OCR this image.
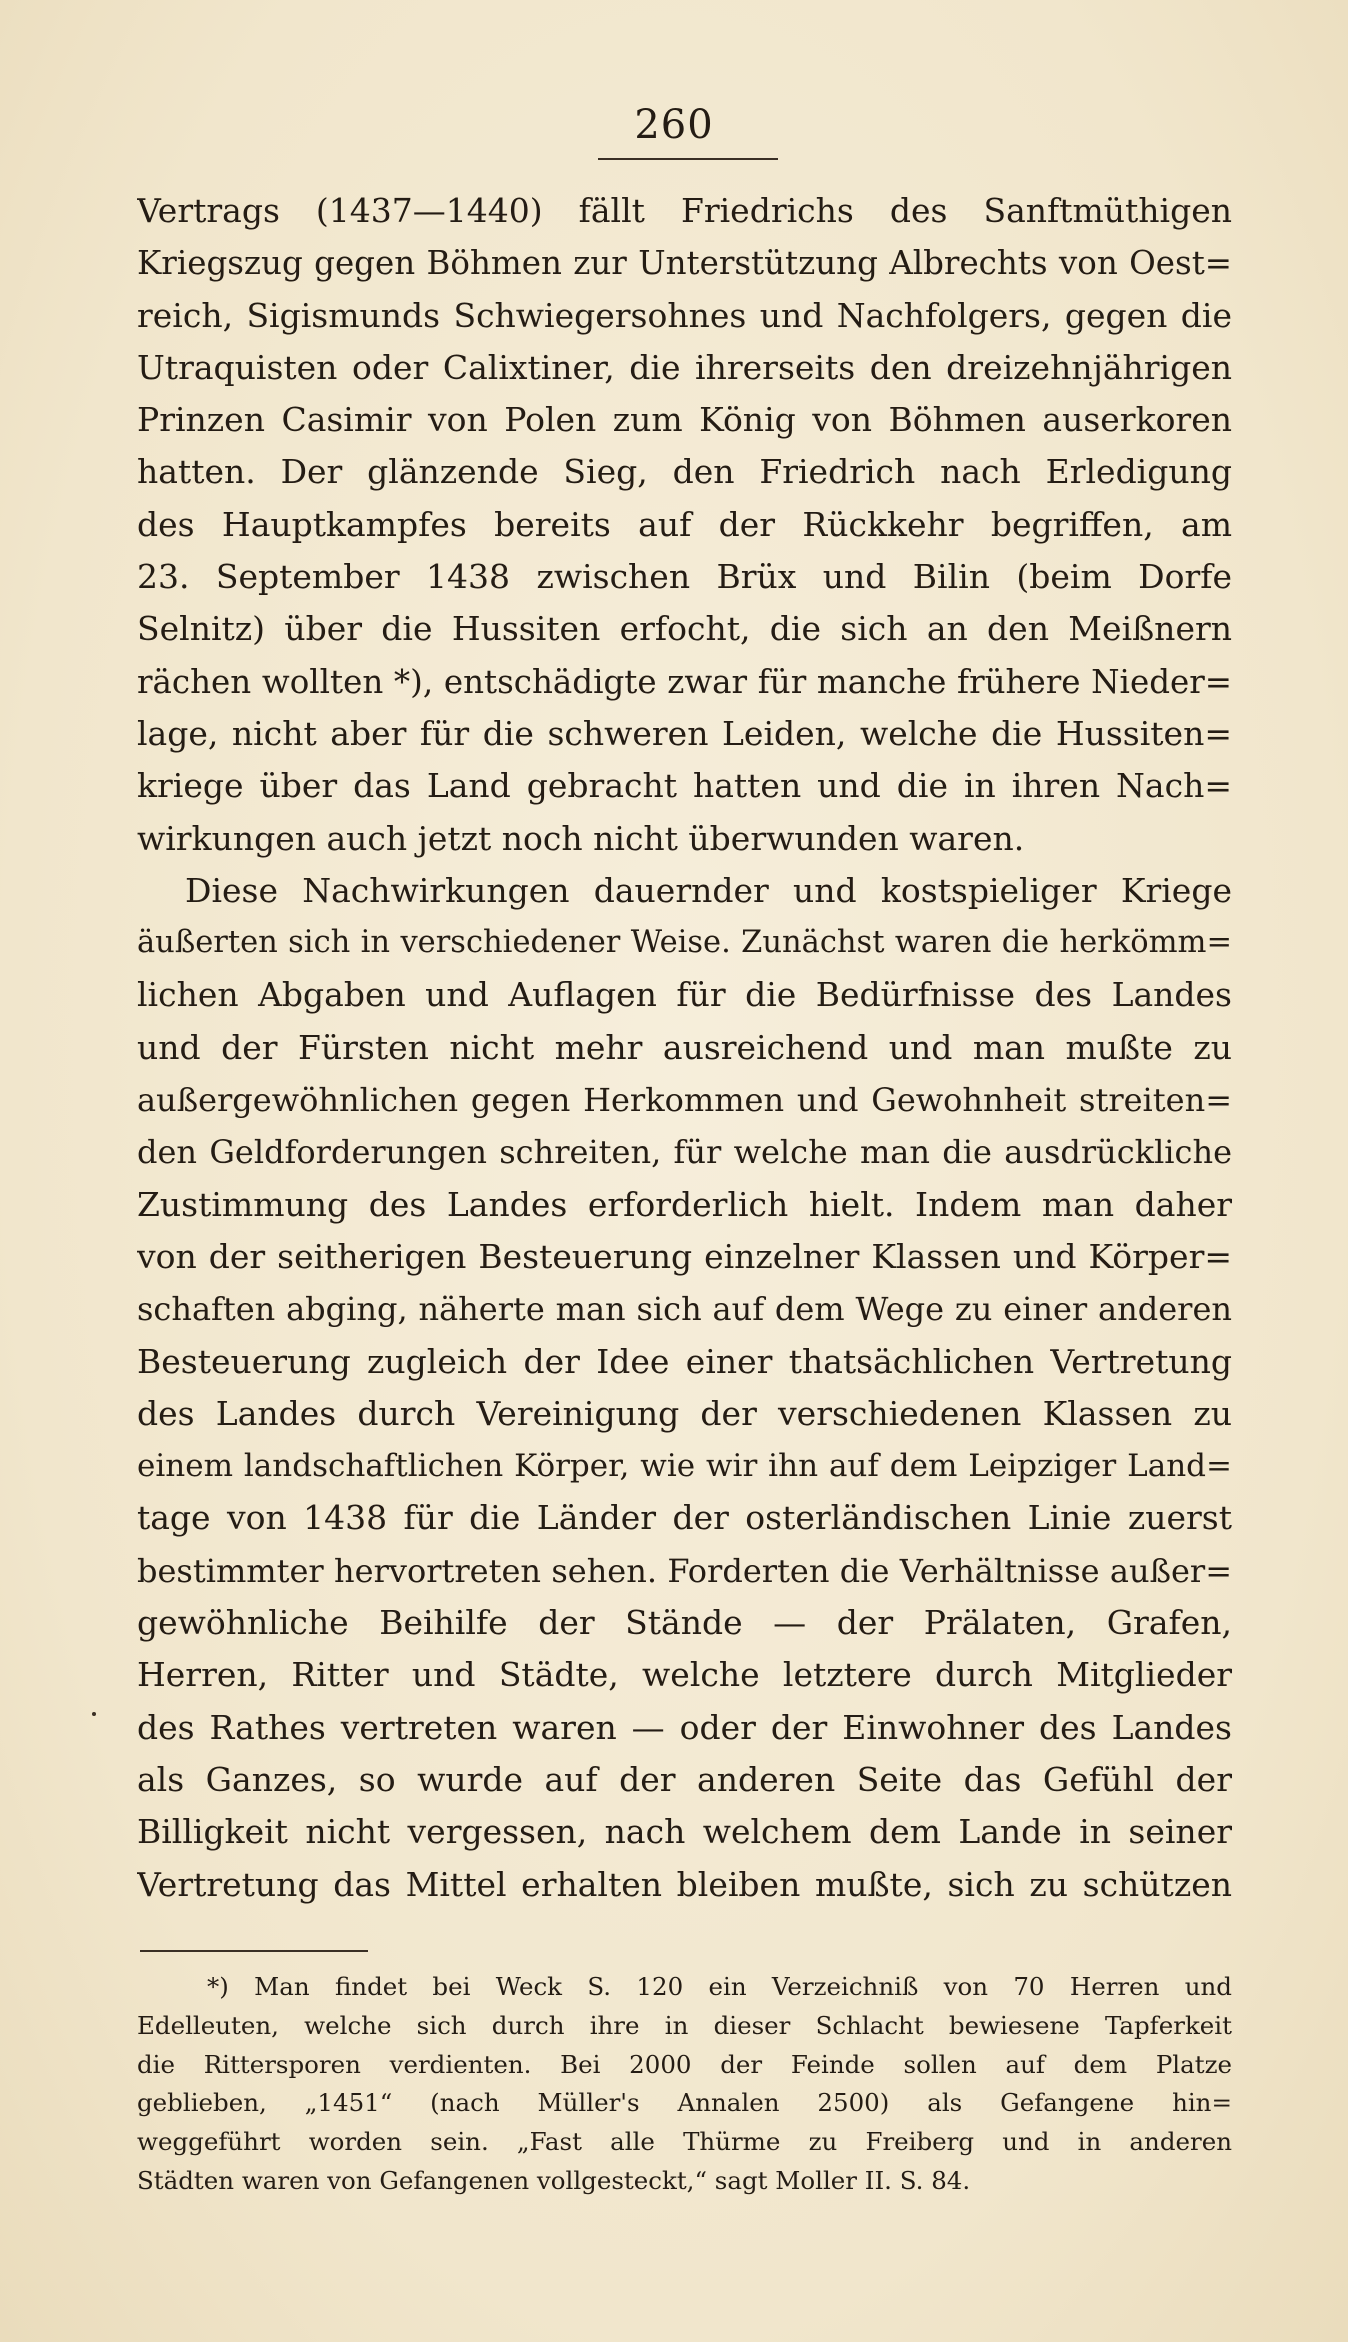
260
Vertrags (1437—1440) fällt Friedrichs des Sanftmüthigen
Kriegszug gegen Böhmen zur Unterstützung Albrechts von Oest=
reich, Sigismunds Schwiegersohnes und Nachfolgers, gegen die
Utraquisten oder Calixtiner, die ihrerseits den dreizehnjährigen
Prinzen Casimir von Polen zum König von Böhmen auserkoren
hatten. Der glänzende Sieg, den Friedrich nach Erledigung
des Hauptkampfes bereits auf der Rückkehr begriffen, am
23. September 1438 zwischen Brüx und Bilin (beim Dorfe
Selnitz) über die Hussiten erfocht, die sich an den Meißnern
rächen wollten *), entschädigte zwar für manche frühere Nieder=
lage, nicht aber für die schweren Leiden, welche die Hussiten=
kriege über das Land gebracht hatten und die in ihren Nach=
wirkungen auch jetzt noch nicht überwunden waren.
Diese Nachwirkungen dauernder und kostspieliger Kriege
äußerten sich in verschiedener Weise. Zunächst waren die herkömm=
lichen Abgaben und Auflagen für die Bedürfnisse des Landes
und der Fürsten nicht mehr ausreichend und man mußte zu
außergewöhnlichen gegen Herkommen und Gewohnheit streiten=
den Geldforderungen schreiten, für welche man die ausdrückliche
Zustimmung des Landes erforderlich hielt. Indem man daher
von der seitherigen Besteuerung einzelner Klassen und Körper=
schaften abging, näherte man sich auf dem Wege zu einer anderen
Besteuerung zugleich der Idee einer thatsächlichen Vertretung
des Landes durch Vereinigung der verschiedenen Klassen zu
einem landschaftlichen Körper, wie wir ihn auf dem Leipziger Land=
tage von 1438 für die Länder der osterländischen Linie zuerst
bestimmter hervortreten sehen. Forderten die Verhältnisse außer=
gewöhnliche Beihilfe der Stände — der Prälaten, Grafen,
Herren, Ritter und Städte, welche letztere durch Mitglieder
des Rathes vertreten waren — oder der Einwohner des Landes
als Ganzes, so wurde auf der anderen Seite das Gefühl der
Billigkeit nicht vergessen, nach welchem dem Lande in seiner
Vertretung das Mittel erhalten bleiben mußte, sich zu schützen
*) Man findet bei Weck S. 120 ein Verzeichniß von 70 Herren und
Edelleuten, welche sich durch ihre in dieser Schlacht bewiesene Tapferkeit
die Rittersporen verdienten. Bei 2000 der Feinde sollen auf dem Platze
geblieben, „1451“ (nach Müller's Annalen 2500) als Gefangene hin=
weggeführt worden sein. „Fast alle Thürme zu Freiberg und in anderen
Städten waren von Gefangenen vollgesteckt,“ sagt Moller II. S. 84.
